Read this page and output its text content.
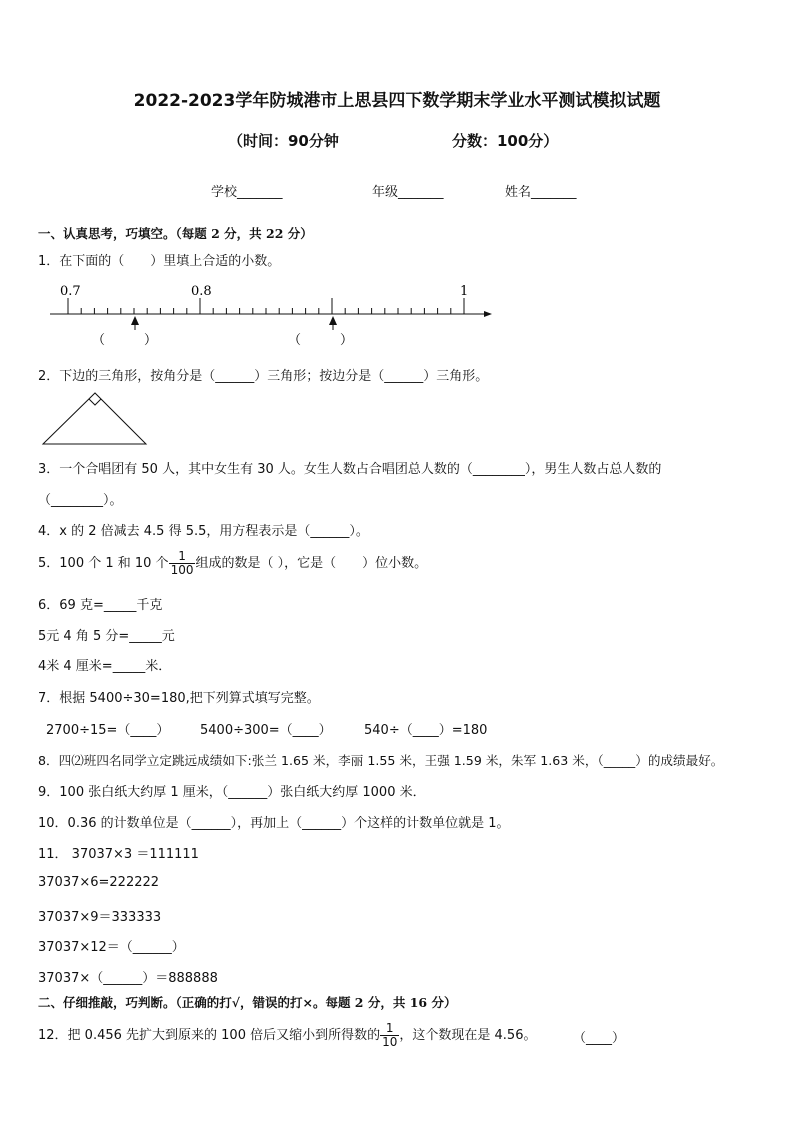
2022-2023学年防城港市上思县四下数学期末学业水平测试模拟试题
（时间：90分钟	分数：100分）
学校_______	年级_______	姓名_______
一、认真思考，巧填空。（每题 2 分，共 22 分）
1．在下面的（　　）里填上合适的小数。
0.7	0.8	1
（　　　）	（　　　）
2．下边的三角形，按角分是（______）三角形；按边分是（______）三角形。
3．一个合唱团有 50 人，其中女生有 30 人。女生人数占合唱团总人数的（________），男生人数占总人数的
（________）。
4．x 的 2 倍减去 4.5 得 5.5，用方程表示是（______）。
5．100 个 1 和 10 个 $\frac{1}{100}$ 组成的数是（ ），它是（　　）位小数。
6．69 克=_____千克
5元 4 角 5 分=_____元
4米 4 厘米=_____米．
7．根据 5400÷30=180,把下列算式填写完整。
2700÷15=（____） 5400÷300=（____） 540÷（____）=180
8．四⑵班四名同学立定跳远成绩如下:张兰 1.65 米，李丽 1.55 米，王强 1.59 米，朱军 1.63 米，（_____）的成绩最好。
9．100 张白纸大约厚 1 厘米，（______）张白纸大约厚 1000 米．
10．0.36 的计数单位是（______），再加上（______）个这样的计数单位就是 1。
11． 37037×3 ＝111111
37037×6=222222
37037×9＝333333
37037×12＝（______）
37037×（______）＝888888
二、仔细推敲，巧判断。（正确的打√，错误的打×。每题 2 分，共 16 分）
12．把 0.456 先扩大到原来的 100 倍后又缩小到所得数的 $\frac{1}{10}$ ，这个数现在是 4.56。	（____）
